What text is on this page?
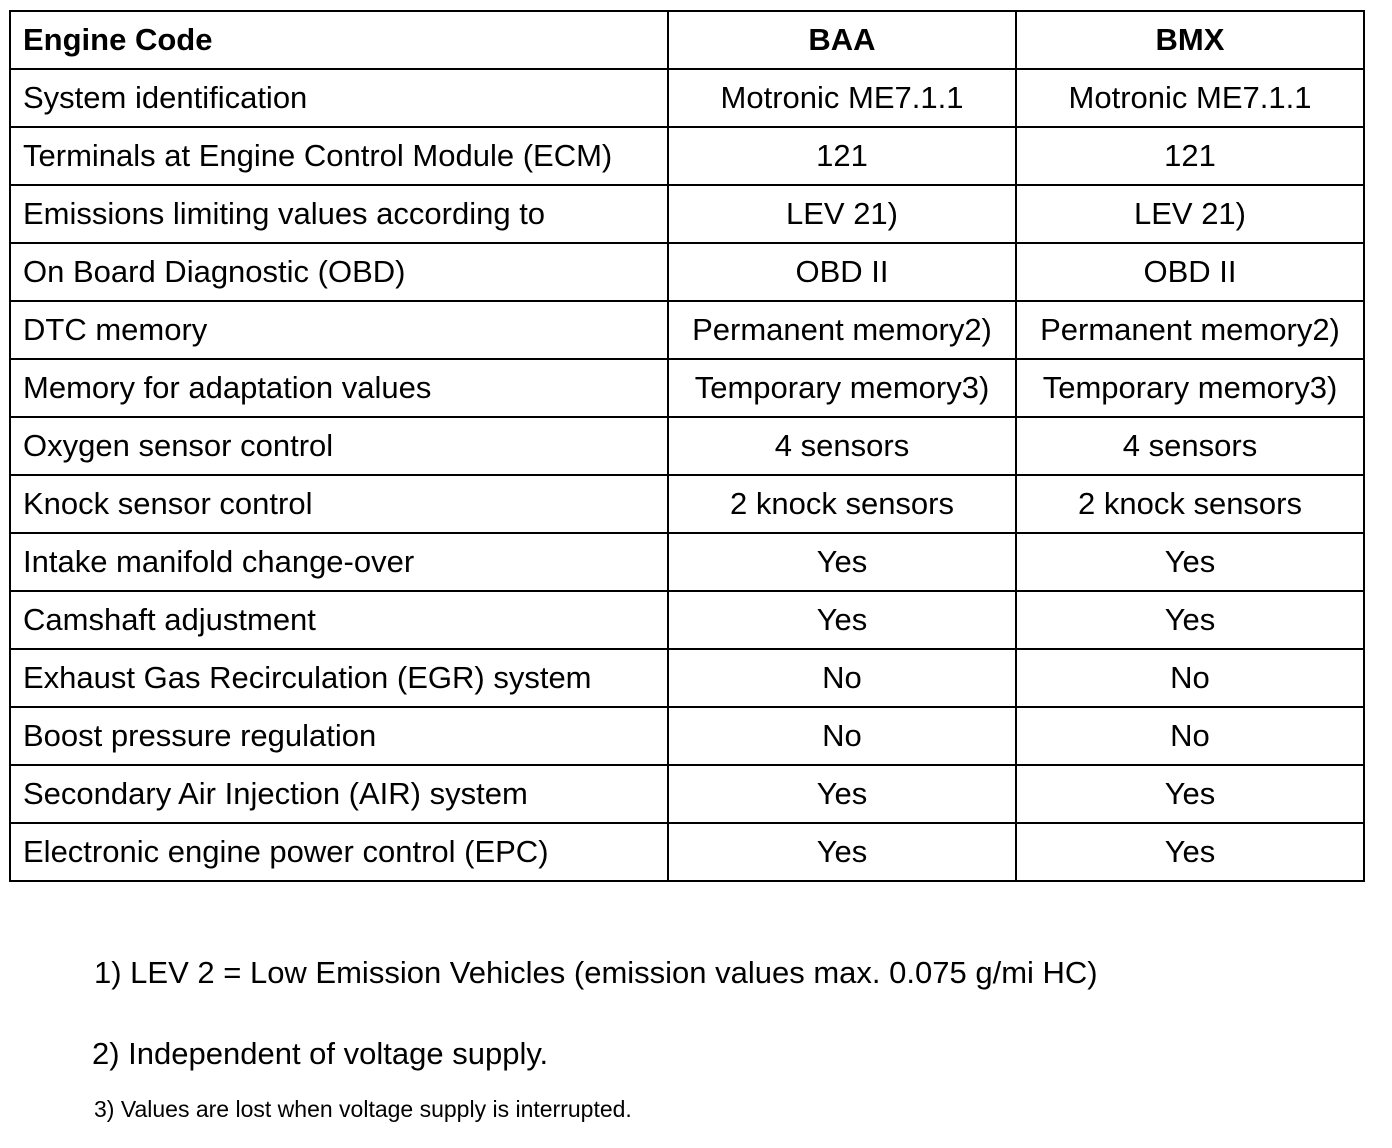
Engine Code	BAA	BMX
System identification	Motronic ME7.1.1	Motronic ME7.1.1
Terminals at Engine Control Module (ECM)	121	121
Emissions limiting values according to	LEV 21)	LEV 21)
On Board Diagnostic (OBD)	OBD II	OBD II
DTC memory	Permanent memory2)	Permanent memory2)
Memory for adaptation values	Temporary memory3)	Temporary memory3)
Oxygen sensor control	4 sensors	4 sensors
Knock sensor control	2 knock sensors	2 knock sensors
Intake manifold change-over	Yes	Yes
Camshaft adjustment	Yes	Yes
Exhaust Gas Recirculation (EGR) system	No	No
Boost pressure regulation	No	No
Secondary Air Injection (AIR) system	Yes	Yes
Electronic engine power control (EPC)	Yes	Yes
1) LEV 2 = Low Emission Vehicles (emission values max. 0.075 g/mi HC)
2) Independent of voltage supply.
3) Values are lost when voltage supply is interrupted.
